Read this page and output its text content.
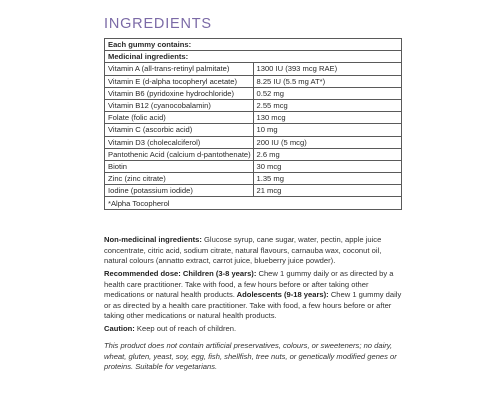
INGREDIENTS
Each gummy contains:	
Medicinal ingredients:	
Vitamin A (all-trans-retinyl palmitate)	1300 IU (393 mcg RAE)
Vitamin E (d-alpha tocopheryl acetate)	8.25 IU (5.5 mg AT*)
Vitamin B6 (pyridoxine hydrochloride)	0.52 mg
Vitamin B12 (cyanocobalamin)	2.55 mcg
Folate (folic acid)	130 mcg
Vitamin C (ascorbic acid)	10 mg
Vitamin D3 (cholecalciferol)	200 IU (5 mcg)
Pantothenic Acid (calcium d-pantothenate)	2.6 mg
Biotin	30 mcg
Zinc (zinc citrate)	1.35 mg
Iodine (potassium iodide)	21 mcg
*Alpha Tocopherol	
Non-medicinal ingredients: Glucose syrup, cane sugar, water, pectin, apple juice concentrate, citric acid, sodium citrate, natural flavours, carnauba wax, coconut oil, natural colours (annatto extract, carrot juice, blueberry juice powder).
Recommended dose: Children (3-8 years): Chew 1 gummy daily or as directed by a health care practitioner. Take with food, a few hours before or after taking other medications or natural health products. Adolescents (9-18 years): Chew 1 gummy daily or as directed by a health care practitioner. Take with food, a few hours before or after taking other medications or natural health products.
Caution: Keep out of reach of children.
This product does not contain artificial preservatives, colours, or sweeteners; no dairy, wheat, gluten, yeast, soy, egg, fish, shellfish, tree nuts, or genetically modified genes or proteins. Suitable for vegetarians.
